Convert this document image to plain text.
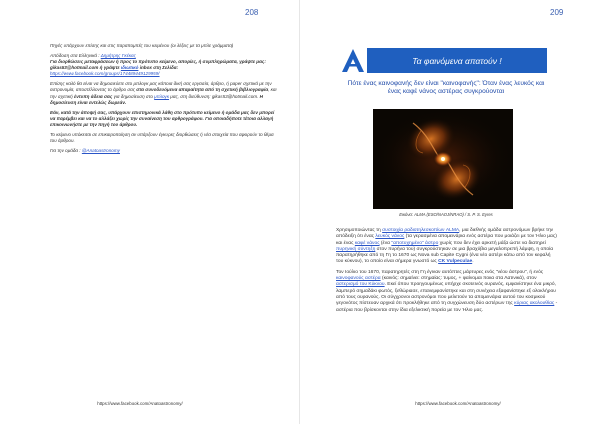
208

Πηγές υπάρχουν επίσης και στις παραπομπές του κειμένου (οι λέξεις με τα μπλε γράμματα)

Απόδοση στα Ελληνικά : Δημήτρης Γκέκας
Για διορθώσεις μεταφράσεων ή προς το πρότυπο κείμενο, απορίες, ή συμπληρώματα, γράψτε μας: gikas53@hotmail.com ή γράψτε ιδιωτικό inbox στη Σελίδα:
https://www.facebook.com/groups/174489449129959/

Επίσης καλό θα είναι να δημοσιεύετε στο μπλογκ μας κάποια δική σας εργασία, άρθρο, ή paper σχετικά με την αστρονομία, αποστέλλοντας το άρθρο σας στα συνοδευόμενα απαραίτητα από τη σχετική βιβλιογραφία, και την σχετική έντυπη άδεια σας για δημοσίευση στο μπλογκ μας, στη διεύθυνση: gikas53@hotmail.com. Η δημοσίευση είναι εντελώς δωρεάν.

Εάν, κατά την άποψή σας, υπάρχουν επιστημονικά λάθη στο πρότυπο κείμενο ή ομάδα μας δεν μπορεί να παρέμβει και να το αλλάξει χωρίς την συναίνεση του αρθρογράφου. Για οποιαδήποτε τέτοια αλλαγή επικοινωνήστε με την πηγή του άρθρου.

Το κείμενο υπόκειται σε επικαιροποίηση αν υπάρξουν έγκυρες διορθώσεις ή νέα στοιχεία που αφορούν το θέμα του άρθρου.

Για την ομάδα : @Anatoastronomy

https://www.facebook.com/Anatoastronomy/
209
Τα φαινόμενα απατούν !
Πότε ένας καινοφανής δεν είναι "καινοφανής": Όταν ένας λευκός και ένας καφέ νάνος αστέρας συγκρούονται
Εικόνα: ALMA (ESO/NAOJ/NRAO) / S. P. S. Eyres

Χρησιμοποιώντας τη συστοιχία ραδιοτηλεσκοπίων ALMA, μια διεθνής ομάδα αστρονόμων βρήκε την απόδειξη ότι ένας λευκός νάνος (τα γερασμένα απομεινάρια ενός αστέρα που μοιάζει με τον Ήλιο μας) και ένας καφέ νάνος (ένα "αποτυχημένο" άστρο χωρίς που δεν έχει αρκετή μάζα ώστε να διατηρεί πυρηνική σύντηξη στον πυρήνα του) συγκρούστηκαν σε μια βραχύβια μεγαλοπρεπή λάμψη, η οποία παρατηρήθηκε από τη Γη το 1670 ως Nova sub Capite Cygni (ένα νέο αστέρι κάτω από τον κεφαλή του κύκνου), το οποίο είναι σήμερα γνωστό ως CK Vulpeculae.

Τον Ιούλιο του 1670, παρατηρητές στη Γη έγιναν αυτόπτες μάρτυρες ενός "νέου άστρου", ή ενός καινοφανούς αστέρα (καινός: σημαίνει: στημαίας: τυμος, + φαίνομαι ποιια στα Λατινικά), στον αστερισμό του Κύκνου. Εκεί όπου προηγουμένως υπήρχε σκοτεινός ουρανός, εμφανίστηκε ένα μικρό, λαμπερό σημαδάκι φωτός, ξεθώριασε, επανεμφανίστηκε και στη συνέχεια εξαφανίστηκε εξ ολοκλήρου από τους ουρανούς. Οι σύγχρονοι αστρονόμοι που μελετούν τα απομεινάρια αυτού του κοσμικού γεγονότος πίστευαν αρχικά ότι προκλήθηκε από τη συγχώνευση δύο αστέρων της κύριας ακολουθίας - αστέρια που βρίσκονται στην ίδια εξελικτική πορεία με τον Ήλιο μας.

https://www.facebook.com/Anatoastronomy/
